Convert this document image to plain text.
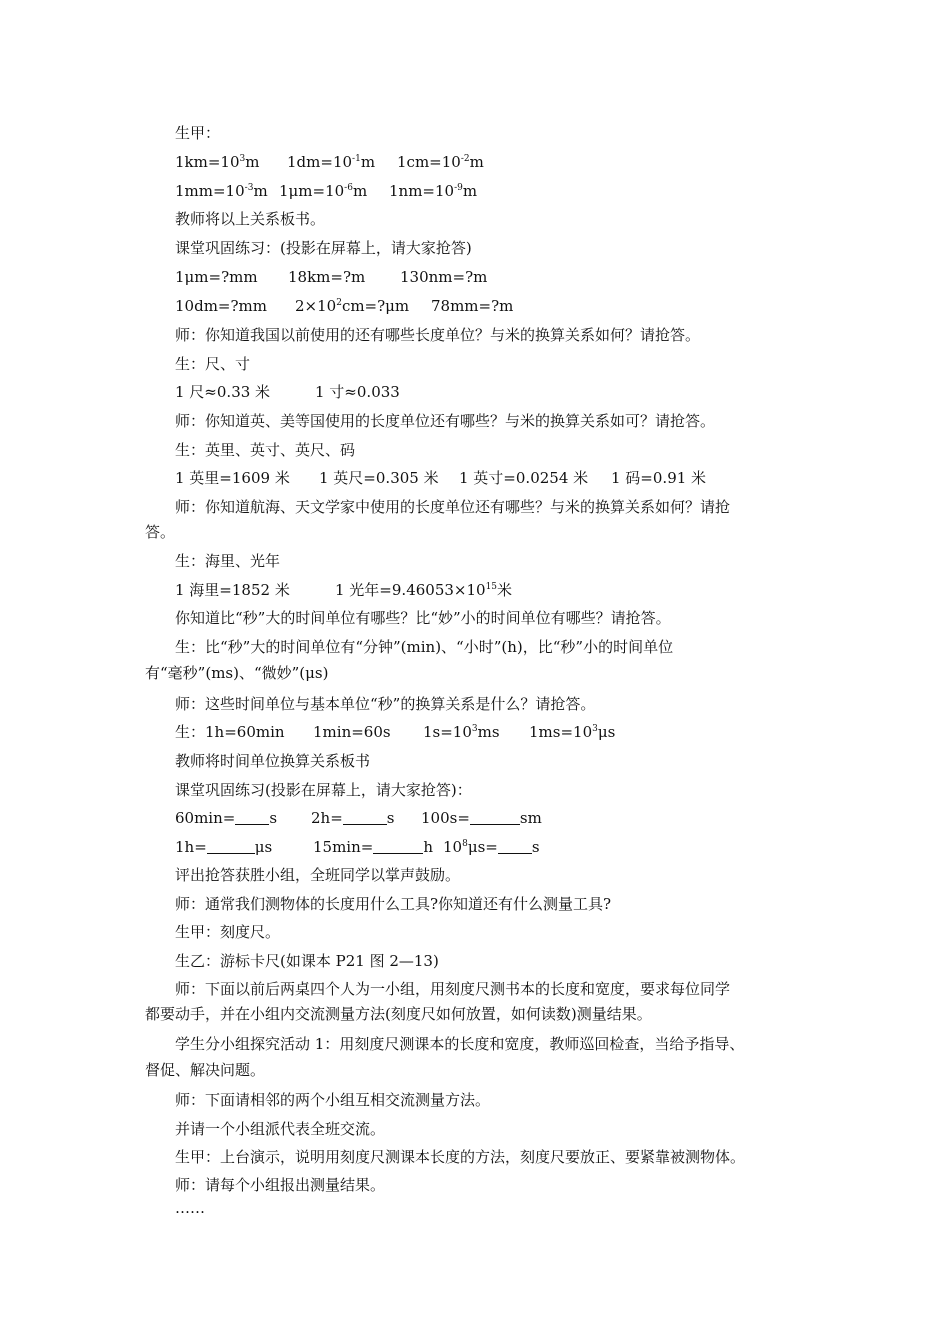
生甲：
$1km=10^3m$ $1dm=10^{-1}m$ $1cm=10^{-2}m$
$1mm=10^{-3}m$ $1\mu m=10^{-6}m$ $1nm=10^{-9}m$
教师将以上关系板书。
课堂巩固练习：(投影在屏幕上，请大家抢答)
1μm=?mm 18km=?m 130nm=?m
10dm=?mm $2\times 10^2cm=?\mu m$ 78mm=?m
师：你知道我国以前使用的还有哪些长度单位？与米的换算关系如何？请抢答。
生：尺、寸
1 尺≈0.33 米	1 寸≈0.033
师：你知道英、美等国使用的长度单位还有哪些？与米的换算关系如可？请抢答。
生：英里、英寸、英尺、码
1 英里=1609 米 1 英尺=0.305 米 1 英寸=0.0254 米 1 码=0.91 米
师：你知道航海、天文学家中使用的长度单位还有哪些？与米的换算关系如何？请抢
答。
生：海里、光年
1 海里=1852 米	1 光年$=9.46053\times 10^{15}$米
你知道比“秒”大的时间单位有哪些？比“妙”小的时间单位有哪些？请抢答。
生：比“秒”大的时间单位有“分钟”(min)、“小时”(h)，比“秒”小的时间单位
有“毫秒”(ms)、“微妙”(μs)
师：这些时间单位与基本单位“秒”的换算关系是什么？请抢答。
生：1h=60min 1min=60s $1s=10^3ms$ $1ms=10^3\mu s$
教师将时间单位换算关系板书
课堂巩固练习(投影在屏幕上，请大家抢答)：
60min= s 2h=	s 100s=	sm
1h=	μs	15min=	h $10^8\mu s= s$
评出抢答获胜小组，全班同学以掌声鼓励。
师：通常我们测物体的长度用什么工具?你知道还有什么测量工具?
生甲：刻度尺。
生乙：游标卡尺(如课本 P21 图 2—13)
师：下面以前后两桌四个人为一小组，用刻度尺测书本的长度和宽度，要求每位同学
都要动手，并在小组内交流测量方法(刻度尺如何放置，如何读数)测量结果。
学生分小组探究活动 1：用刻度尺测课本的长度和宽度，教师巡回检查，当给予指导、
督促、解决问题。
师：下面请相邻的两个小组互相交流测量方法。
并请一个小组派代表全班交流。
生甲：上台演示，说明用刻度尺测课本长度的方法，刻度尺要放正、要紧靠被测物体。
师：请每个小组报出测量结果。
……
